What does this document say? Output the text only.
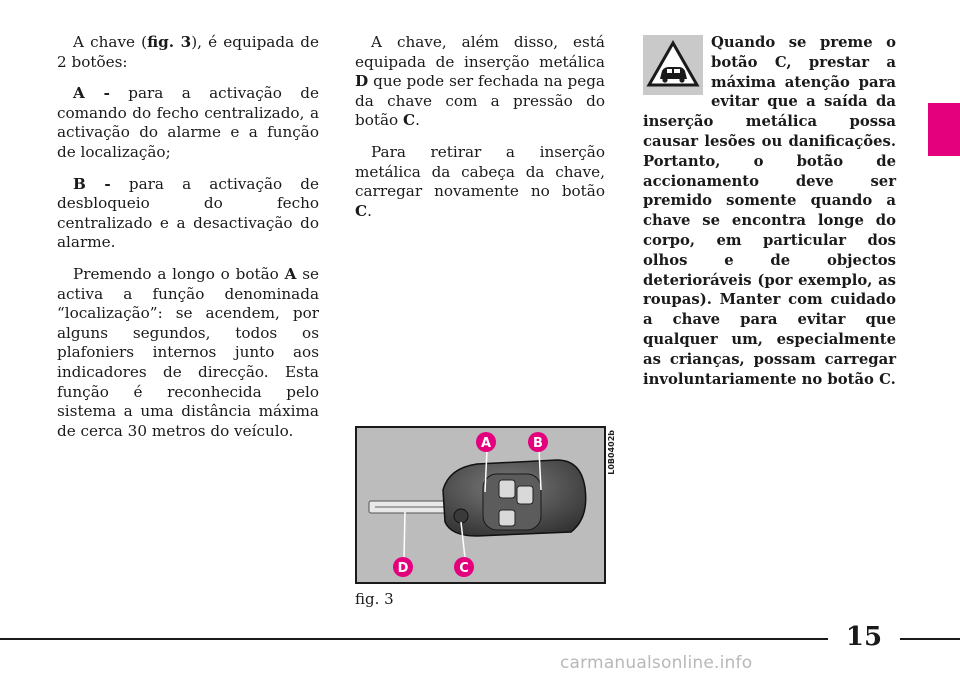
A chave (fig. 3), é equipada de 2 botões:

A - para a activação de comando do fecho centralizado, a activação do alarme e a função de localização;

B - para a activação de desbloqueio do fecho centralizado e a desactivação do alarme.

Premendo a longo o botão A se activa a função denominada “localização”: se acendem, por alguns segundos, todos os plafoniers internos junto aos indicadores de direcção. Esta função é reconhecida pelo sistema a uma distância máxima de cerca 30 metros do veículo.

A chave, além disso, está equipada de inserção metálica D que pode ser fechada na pega da chave com a pressão do botão C.

Para retirar a inserção metálica da cabeça da chave, carregar novamente no botão C.

Quando se preme o botão C, prestar a máxima atenção para evitar que a saída da inserção metálica possa causar lesões ou danificações. Portanto, o botão de accionamento deve ser premido somente quando a chave se encontra longe do corpo, em particular dos olhos e de objectos deterioráveis (por exemplo, as roupas). Manter com cuidado a chave para evitar que qualquer um, especialmente as crianças, possam carregar involuntariamente no botão C.

A	B
C
D
L0B0402b
fig. 3
15
carmanualsonline.info
